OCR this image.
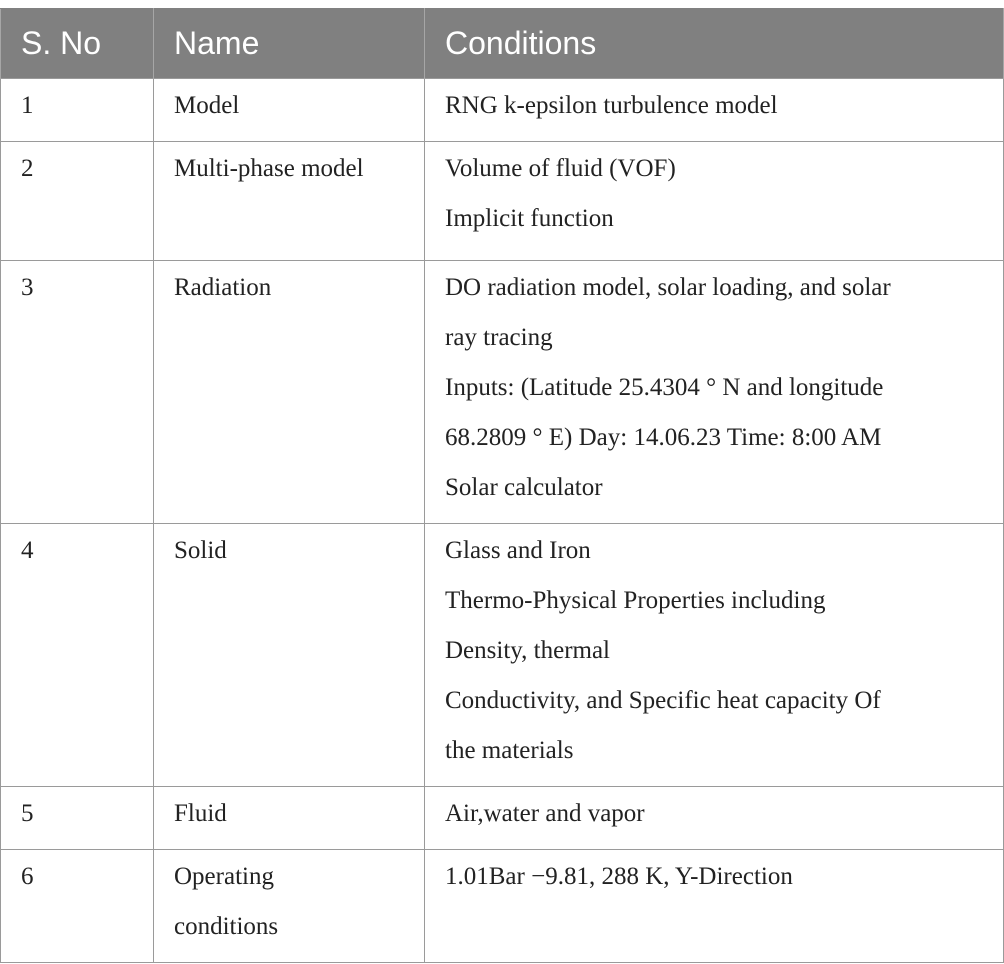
S. No	Name	Conditions

1	Model	RNG k-epsilon turbulence model

2	Multi-phase model	Volume of fluid (VOF)
Implicit function

3	Radiation	DO radiation model, solar loading, and solar
ray tracing
Inputs: (Latitude 25.4304 ° N and longitude
68.2809 ° E) Day: 14.06.23 Time: 8:00 AM
Solar calculator

4	Solid	Glass and Iron
Thermo-Physical Properties including
Density, thermal
Conductivity, and Specific heat capacity Of
the materials

5	Fluid	Air,water and vapor

6	Operating
conditions	1.01Bar −9.81, 288 K, Y-Direction
